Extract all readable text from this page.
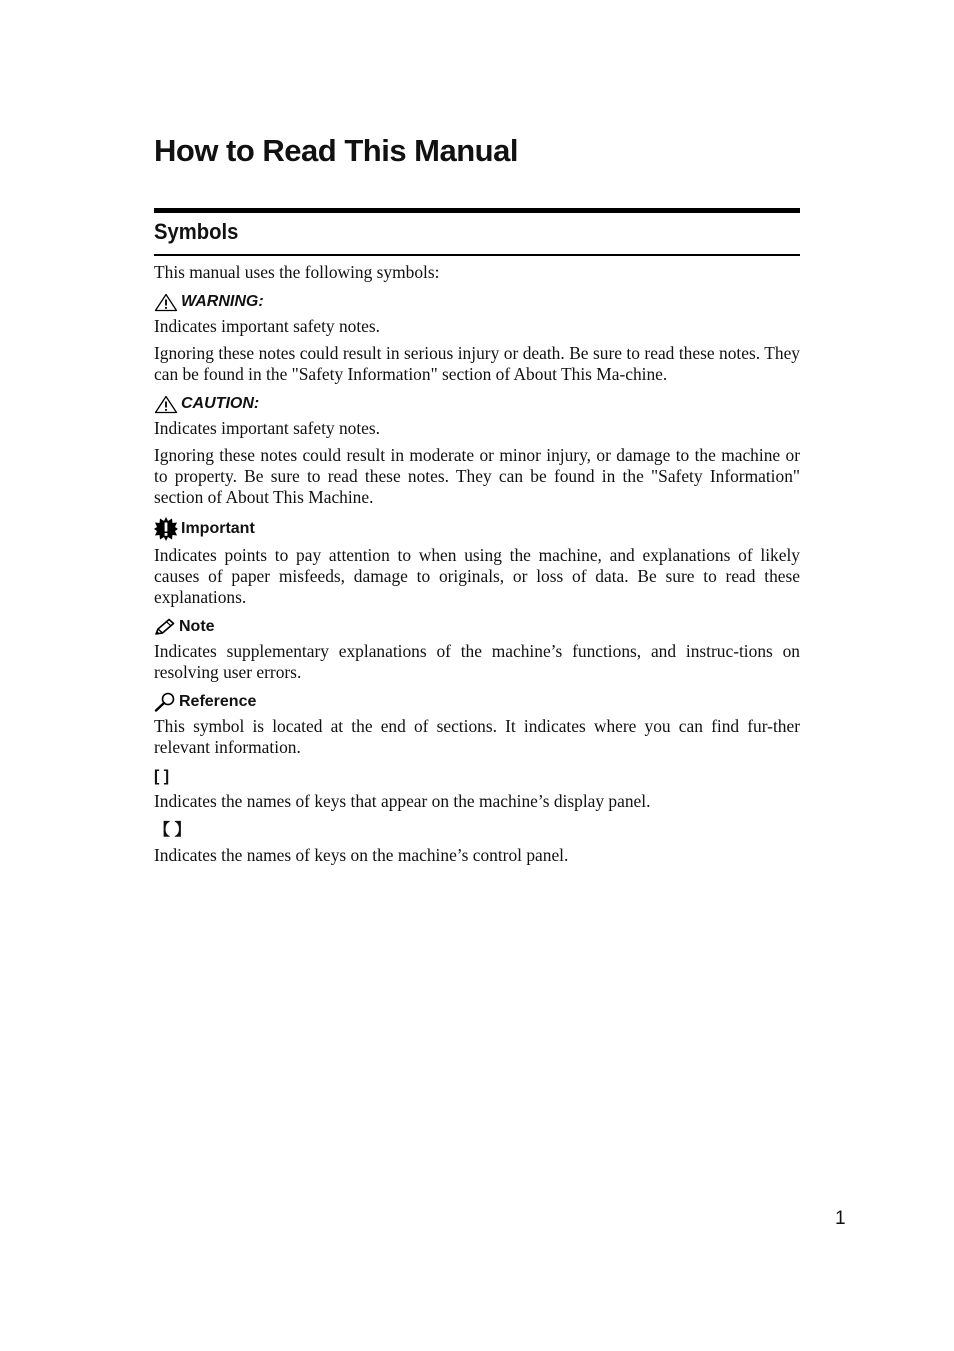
How to Read This Manual
Symbols

This manual uses the following symbols:

WARNING:

Indicates important safety notes.

Ignoring these notes could result in serious injury or death. Be sure to read these notes. They can be found in the "Safety Information" section of About This Ma-chine.

CAUTION:

Indicates important safety notes.

Ignoring these notes could result in moderate or minor injury, or damage to the machine or to property. Be sure to read these notes. They can be found in the "Safety Information" section of About This Machine.

Important

Indicates points to pay attention to when using the machine, and explanations of likely causes of paper misfeeds, damage to originals, or loss of data. Be sure to read these explanations.

Note

Indicates supplementary explanations of the machine’s functions, and instruc-tions on resolving user errors.

Reference

This symbol is located at the end of sections. It indicates where you can find fur-ther relevant information.

[ ]

Indicates the names of keys that appear on the machine’s display panel.

【 】

Indicates the names of keys on the machine’s control panel.

1
